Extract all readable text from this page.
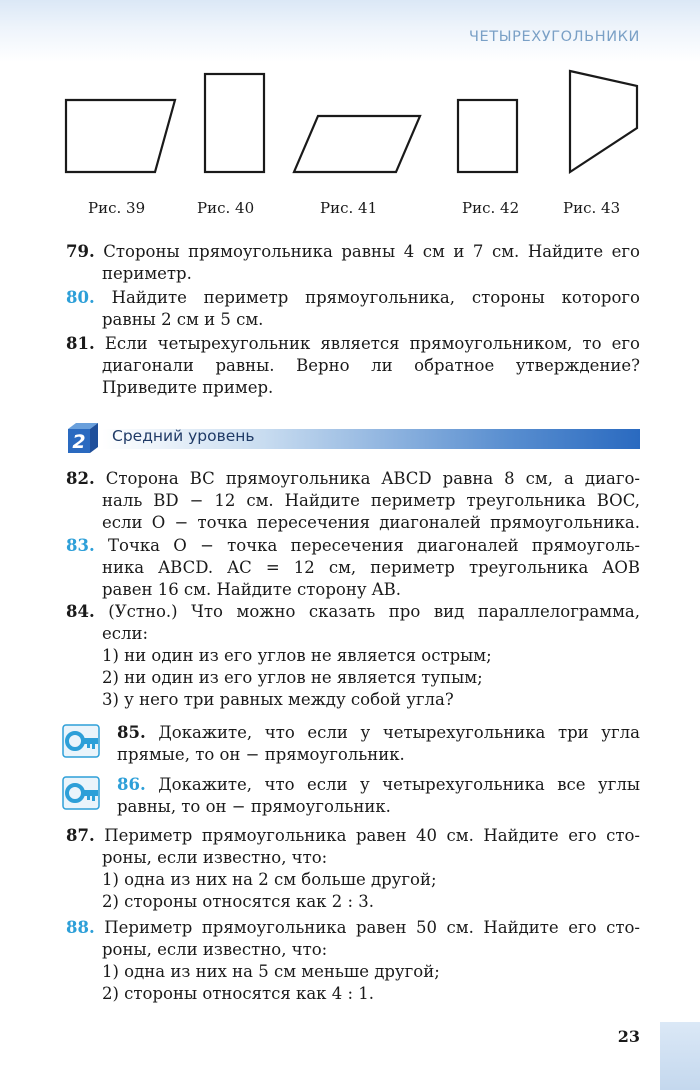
ЧЕТЫРЕХУГОЛЬНИКИ
Рис. 39	Рис. 40	Рис. 41	Рис. 42	Рис. 43
79. Стороны прямоугольника равны 4 см и 7 см. Найдите его
периметр.
80. Найдите периметр прямоугольника, стороны которого
равны 2 см и 5 см.
81. Если четырехугольник является прямоугольником, то его
диагонали равны. Верно ли обратное утверждение?
Приведите пример.
2 Средний уровень
82. Сторона BC прямоугольника ABCD равна 8 см, а диаго-
наль BD − 12 см. Найдите периметр треугольника BOC,
если O − точка пересечения диагоналей прямоугольника.
83. Точка O − точка пересечения диагоналей прямоуголь-
ника ABCD. AC = 12 см, периметр треугольника AOB
равен 16 см. Найдите сторону AB.
84. (Устно.) Что можно сказать про вид параллелограмма,
если:
1) ни один из его углов не является острым;
2) ни один из его углов не является тупым;
3) у него три равных между собой угла?
85. Докажите, что если у четырехугольника три угла
прямые, то он − прямоугольник.
86. Докажите, что если у четырехугольника все углы
равны, то он − прямоугольник.
87. Периметр прямоугольника равен 40 см. Найдите его сто-
роны, если известно, что:
1) одна из них на 2 см больше другой;
2) стороны относятся как 2 : 3.
88. Периметр прямоугольника равен 50 см. Найдите его сто-
роны, если известно, что:
1) одна из них на 5 см меньше другой;
2) стороны относятся как 4 : 1.
23
